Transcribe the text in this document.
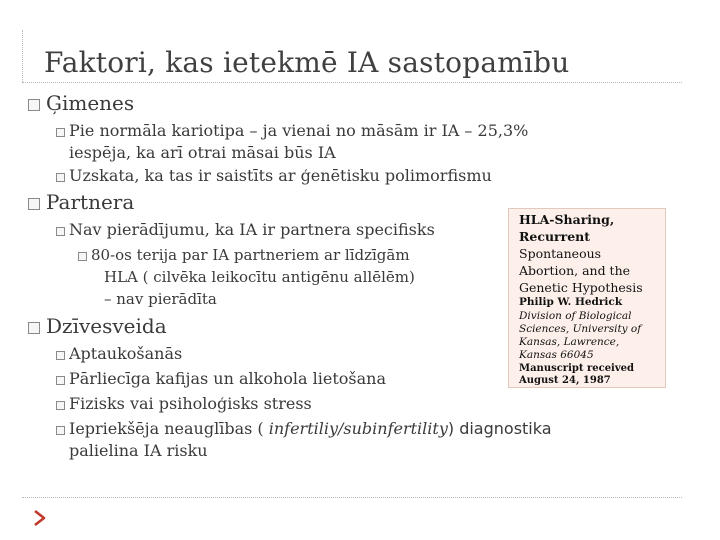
Faktori, kas ietekmē IA sastopamību
Ģimenes
Pie normāla kariotipa – ja vienai no māsām ir IA – 25,3%
iespēja, ka arī otrai māsai būs IA
Uzskata, ka tas ir saistīts ar ģenētisku polimorfismu
Partnera
Nav pierādījumu, ka IA ir partnera specifisks
80-os terija par IA partneriem ar līdzīgām
HLA ( cilvēka leikocītu antigēnu allēlēm)
– nav pierādīta
Dzīvesveida
Aptaukošanās
Pārliecīga kafijas un alkohola lietošana
Fizisks vai psiholoģisks stress
Iepriekšēja neauglības ( infertiliy/subinfertility) diagnostika
palielina IA risku
HLA-Sharing,
Recurrent
Spontaneous
Abortion, and the
Genetic Hypothesis
Philip W. Hedrick
Division of Biological
Sciences, University of
Kansas, Lawrence,
Kansas 66045
Manuscript received
August 24, 1987
